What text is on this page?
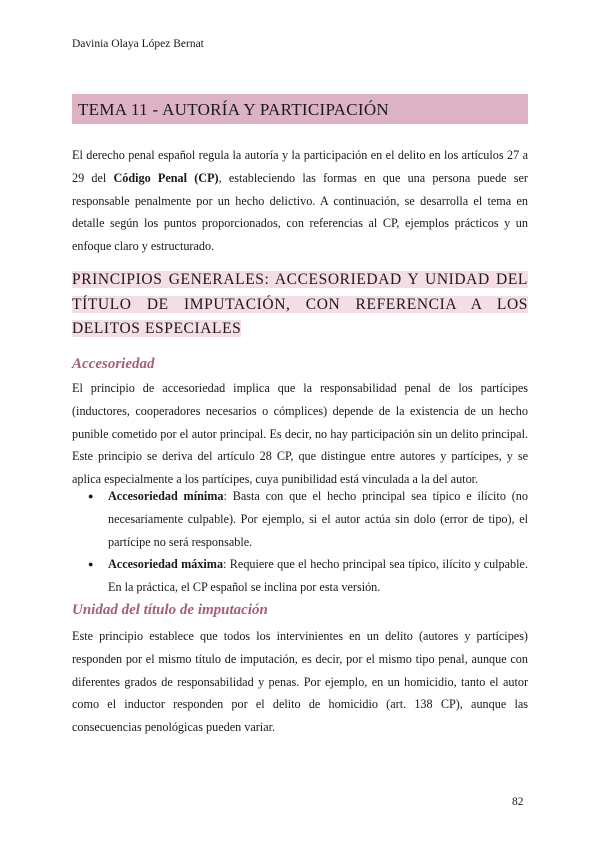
Davinia Olaya López Bernat
TEMA 11 - AUTORÍA Y PARTICIPACIÓN
El derecho penal español regula la autoría y la participación en el delito en los artículos 27 a 29 del Código Penal (CP), estableciendo las formas en que una persona puede ser responsable penalmente por un hecho delictivo. A continuación, se desarrolla el tema en detalle según los puntos proporcionados, con referencias al CP, ejemplos prácticos y un enfoque claro y estructurado.
PRINCIPIOS GENERALES: ACCESORIEDAD Y UNIDAD DEL TÍTULO DE IMPUTACIÓN, CON REFERENCIA A LOS DELITOS ESPECIALES
Accesoriedad
El principio de accesoriedad implica que la responsabilidad penal de los partícipes (inductores, cooperadores necesarios o cómplices) depende de la existencia de un hecho punible cometido por el autor principal. Es decir, no hay participación sin un delito principal. Este principio se deriva del artículo 28 CP, que distingue entre autores y partícipes, y se aplica especialmente a los partícipes, cuya punibilidad está vinculada a la del autor.
● Accesoriedad mínima: Basta con que el hecho principal sea típico e ilícito (no necesariamente culpable). Por ejemplo, si el autor actúa sin dolo (error de tipo), el partícipe no será responsable.
● Accesoriedad máxima: Requiere que el hecho principal sea típico, ilícito y culpable. En la práctica, el CP español se inclina por esta versión.
Unidad del título de imputación
Este principio establece que todos los intervinientes en un delito (autores y partícipes) responden por el mismo título de imputación, es decir, por el mismo tipo penal, aunque con diferentes grados de responsabilidad y penas. Por ejemplo, en un homicidio, tanto el autor como el inductor responden por el delito de homicidio (art. 138 CP), aunque las consecuencias penológicas pueden variar.
82
